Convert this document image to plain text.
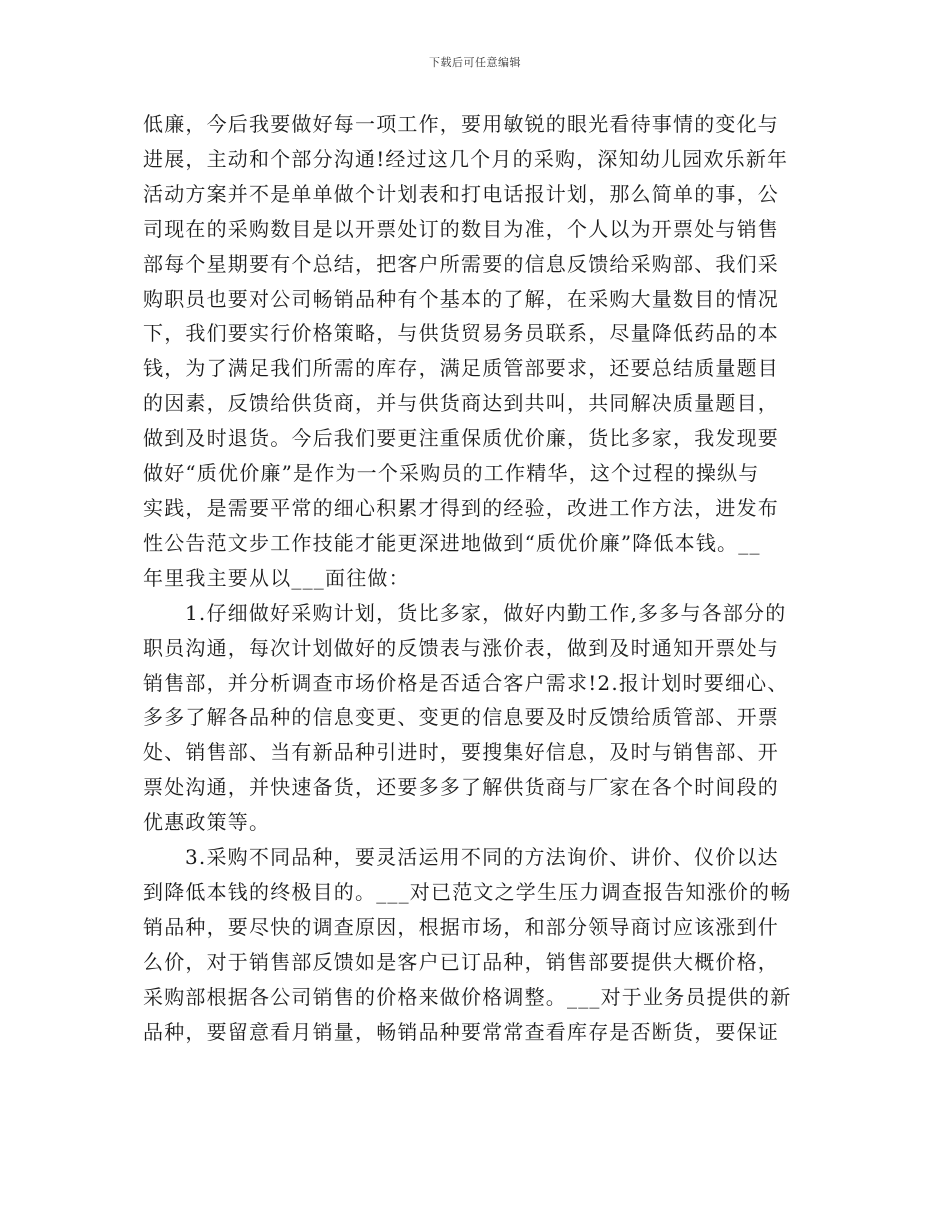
下载后可任意编辑
低廉，今后我要做好每一项工作，要用敏锐的眼光看待事情的变化与
进展，主动和个部分沟通!经过这几个月的采购，深知幼儿园欢乐新年
活动方案并不是单单做个计划表和打电话报计划，那么简单的事，公
司现在的采购数目是以开票处订的数目为准，个人以为开票处与销售
部每个星期要有个总结，把客户所需要的信息反馈给采购部、我们采
购职员也要对公司畅销品种有个基本的了解，在采购大量数目的情况
下，我们要实行价格策略，与供货贸易务员联系，尽量降低药品的本
钱，为了满足我们所需的库存，满足质管部要求，还要总结质量题目
的因素，反馈给供货商，并与供货商达到共叫，共同解决质量题目，
做到及时退货。今后我们要更注重保质优价廉，货比多家，我发现要
做好“质优价廉”是作为一个采购员的工作精华，这个过程的操纵与
实践，是需要平常的细心积累才得到的经验，改进工作方法，进发布
性公告范文步工作技能才能更深进地做到“质优价廉”降低本钱。__
年里我主要从以___面往做：
1.仔细做好采购计划，货比多家，做好内勤工作,多多与各部分的
职员沟通，每次计划做好的反馈表与涨价表，做到及时通知开票处与
销售部，并分析调查市场价格是否适合客户需求!2.报计划时要细心、
多多了解各品种的信息变更、变更的信息要及时反馈给质管部、开票
处、销售部、当有新品种引进时，要搜集好信息，及时与销售部、开
票处沟通，并快速备货，还要多多了解供货商与厂家在各个时间段的
优惠政策等。
3.采购不同品种，要灵活运用不同的方法询价、讲价、仪价以达
到降低本钱的终极目的。___对已范文之学生压力调查报告知涨价的畅
销品种，要尽快的调查原因，根据市场，和部分领导商讨应该涨到什
么价，对于销售部反馈如是客户已订品种，销售部要提供大概价格，
采购部根据各公司销售的价格来做价格调整。___对于业务员提供的新
品种，要留意看月销量，畅销品种要常常查看库存是否断货，要保证
